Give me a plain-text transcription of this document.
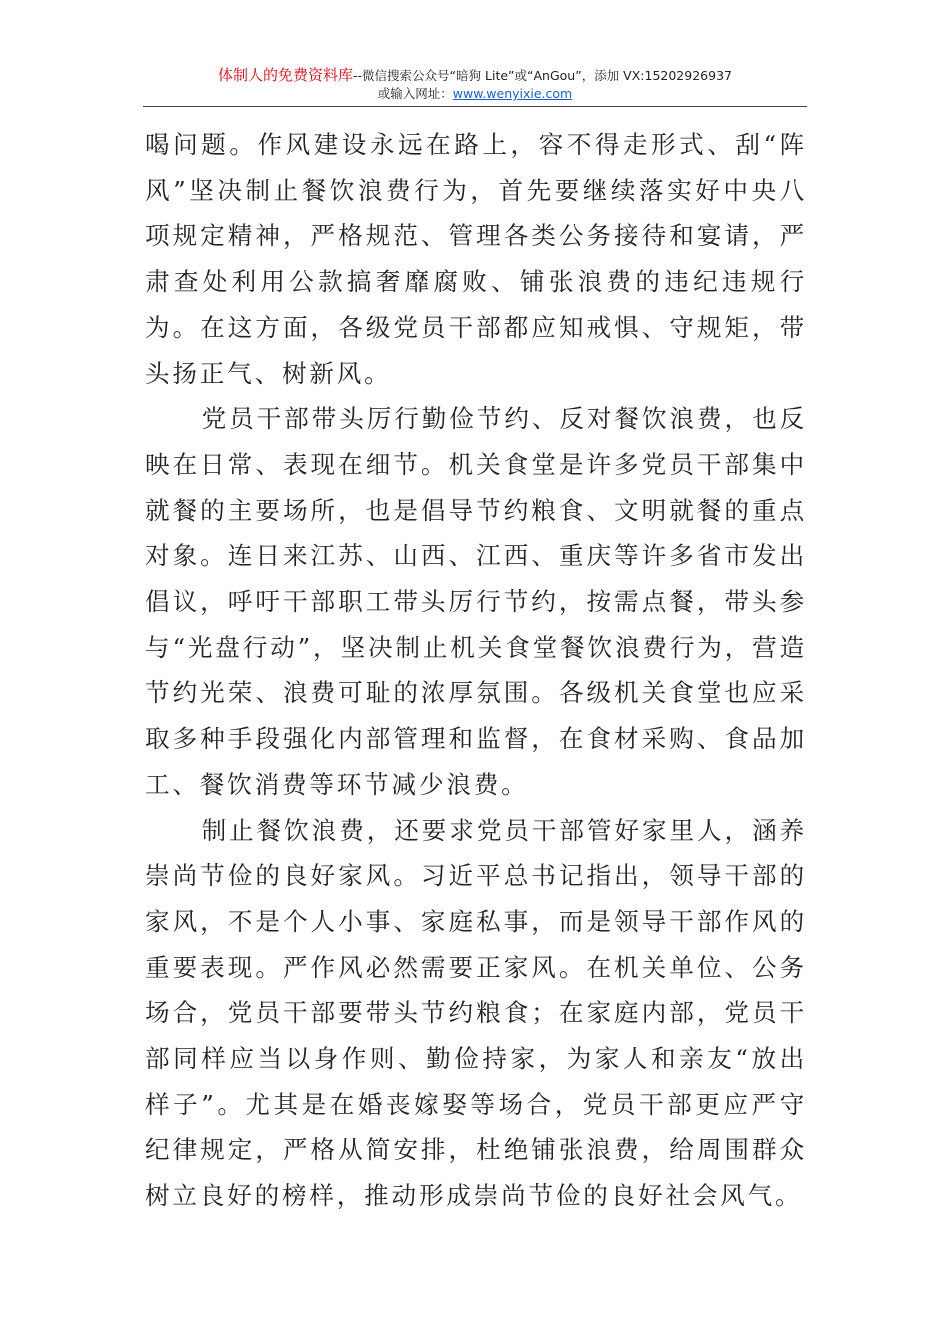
体制人的免费资料库--微信搜索公众号“暗狗 Lite”或“AnGou”，添加 VX:15202926937
或输入网址：www.wenyixie.com

喝问题。作风建设永远在路上，容不得走形式、刮“阵风”坚决制止餐饮浪费行为，首先要继续落实好中央八项规定精神，严格规范、管理各类公务接待和宴请，严肃查处利用公款搞奢靡腐败、铺张浪费的违纪违规行为。在这方面，各级党员干部都应知戒惧、守规矩，带头扬正气、树新风。

党员干部带头厉行勤俭节约、反对餐饮浪费，也反映在日常、表现在细节。机关食堂是许多党员干部集中就餐的主要场所，也是倡导节约粮食、文明就餐的重点对象。连日来江苏、山西、江西、重庆等许多省市发出倡议，呼吁干部职工带头厉行节约，按需点餐，带头参与“光盘行动”，坚决制止机关食堂餐饮浪费行为，营造节约光荣、浪费可耻的浓厚氛围。各级机关食堂也应采取多种手段强化内部管理和监督，在食材采购、食品加工、餐饮消费等环节减少浪费。

制止餐饮浪费，还要求党员干部管好家里人，涵养崇尚节俭的良好家风。习近平总书记指出，领导干部的家风，不是个人小事、家庭私事，而是领导干部作风的重要表现。严作风必然需要正家风。在机关单位、公务场合，党员干部要带头节约粮食；在家庭内部，党员干部同样应当以身作则、勤俭持家，为家人和亲友“放出样子”。尤其是在婚丧嫁娶等场合，党员干部更应严守纪律规定，严格从简安排，杜绝铺张浪费，给周围群众树立良好的榜样，推动形成崇尚节俭的良好社会风气。
